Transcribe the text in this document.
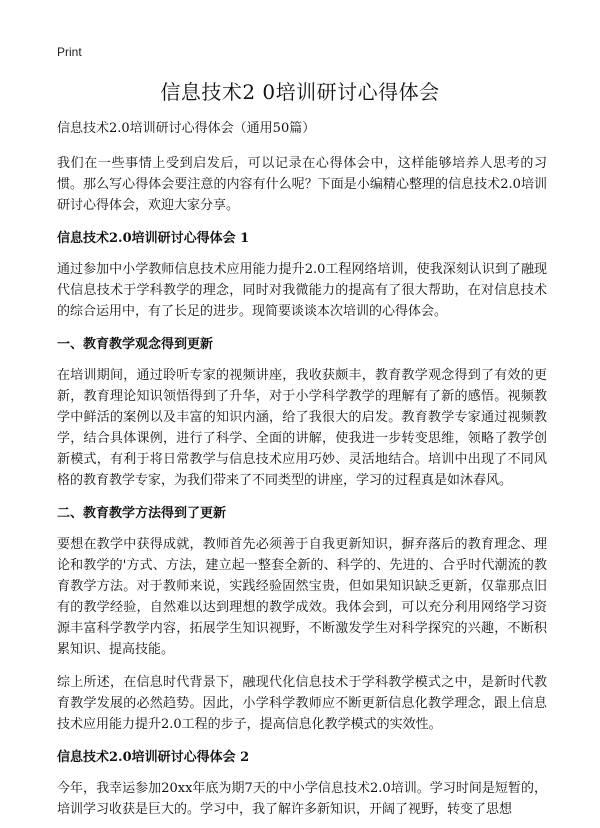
Print
信息技术2 0培训研讨心得体会

信息技术2.0培训研讨心得体会（通用50篇）

我们在一些事情上受到启发后，可以记录在心得体会中，这样能够培养人思考的习惯。那么写心得体会要注意的内容有什么呢？下面是小编精心整理的信息技术2.0培训研讨心得体会，欢迎大家分享。

信息技术2.0培训研讨心得体会 1

通过参加中小学教师信息技术应用能力提升2.0工程网络培训，使我深刻认识到了融现代信息技术于学科教学的理念，同时对我微能力的提高有了很大帮助，在对信息技术的综合运用中，有了长足的进步。现简要谈谈本次培训的心得体会。

一、教育教学观念得到更新

在培训期间，通过聆听专家的视频讲座，我收获颇丰，教育教学观念得到了有效的更新，教育理论知识领悟得到了升华，对于小学科学教学的理解有了新的感悟。视频教学中鲜活的案例以及丰富的知识内涵，给了我很大的启发。教育教学专家通过视频教学，结合具体课例，进行了科学、全面的讲解，使我进一步转变思维，领略了教学创新模式，有利于将日常教学与信息技术应用巧妙、灵活地结合。培训中出现了不同风格的教育教学专家，为我们带来了不同类型的讲座，学习的过程真是如沐春风。

二、教育教学方法得到了更新

要想在教学中获得成就，教师首先必须善于自我更新知识，摒弃落后的教育理念、理论和教学的'方式、方法，建立起一整套全新的、科学的、先进的、合乎时代潮流的教育教学方法。对于教师来说，实践经验固然宝贵，但如果知识缺乏更新，仅靠那点旧有的教学经验，自然难以达到理想的教学成效。我体会到，可以充分利用网络学习资源丰富科学教学内容，拓展学生知识视野，不断激发学生对科学探究的兴趣，不断积累知识、提高技能。

综上所述，在信息时代背景下，融现代化信息技术于学科教学模式之中，是新时代教育教学发展的必然趋势。因此，小学科学教师应不断更新信息化教学理念，跟上信息技术应用能力提升2.0工程的步子，提高信息化教学模式的实效性。

信息技术2.0培训研讨心得体会 2

今年，我幸运参加20xx年底为期7天的中小学信息技术2.0培训。学习时间是短暂的，培训学习收获是巨大的。学习中，我了解许多新知识，开阔了视野，转变了思想
